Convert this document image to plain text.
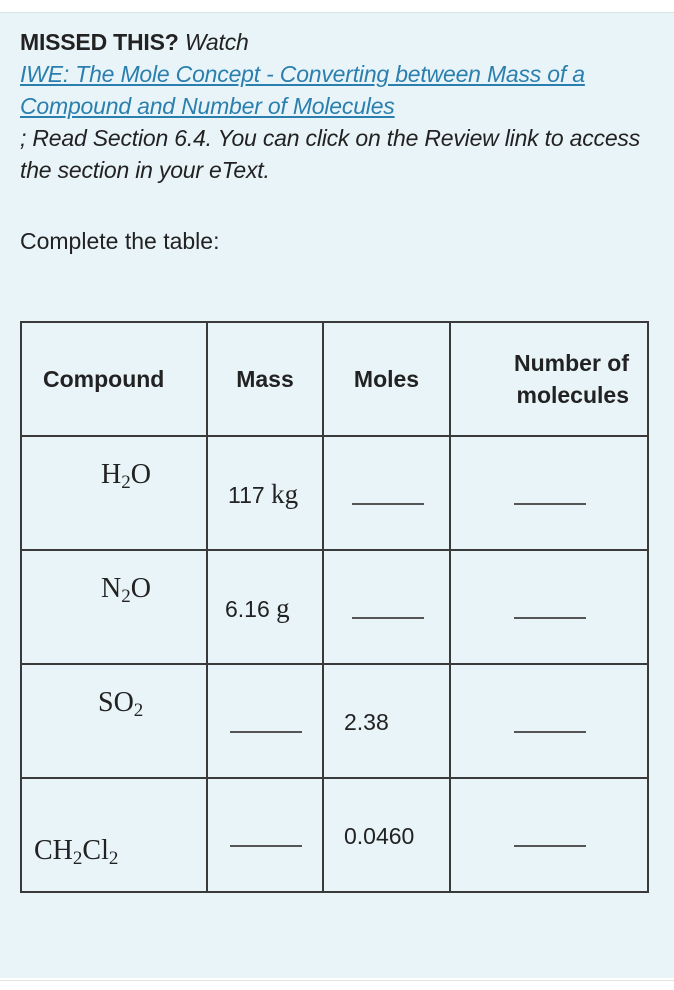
MISSED THIS? Watch
IWE: The Mole Concept - Converting between Mass of a Compound and Number of Molecules
; Read Section 6.4. You can click on the Review link to access the section in your eText.
Complete the table:
Compound	Mass	Moles	Number of molecules

$H_2O$	117 kg		

$N_2O$	6.16 g		

$SO_2$		2.38	

$CH_2Cl_2$		0.0460	
